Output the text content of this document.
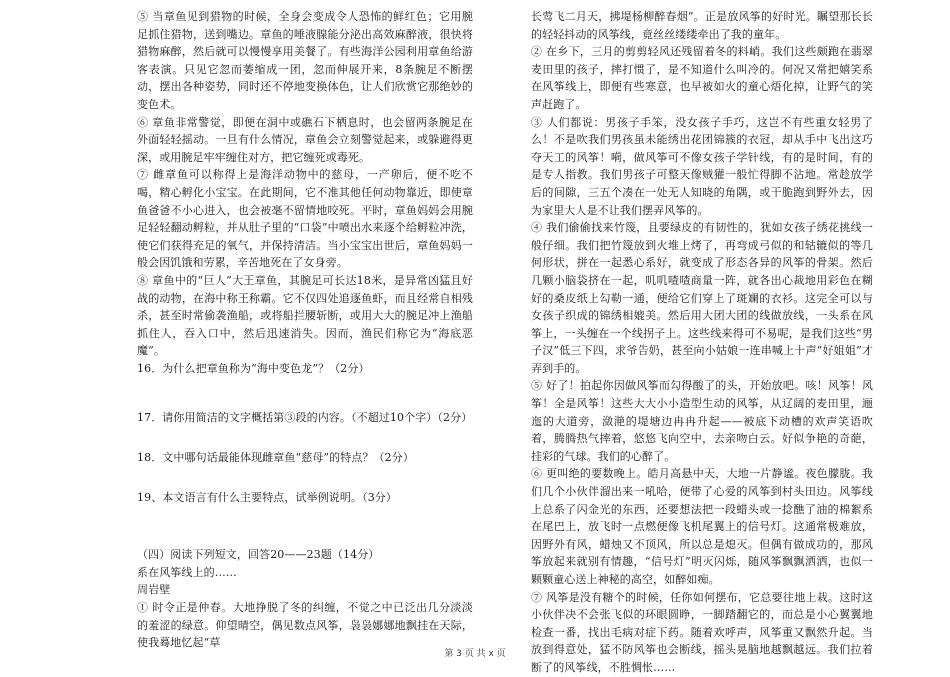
⑤ 当章鱼见到猎物的时候，全身会变成令人恐怖的鲜红色；它用腕足抓住猎物，送到嘴边。章鱼的唾液腺能分泌出高效麻醉液，很快将猎物麻醉，然后就可以慢慢享用美餐了。有些海洋公园利用章鱼给游客表演。只见它忽而萎缩成一团，忽而伸展开来，8条腕足不断摆动，摆出各种姿势，同时还不停地变换体色，让人们欣赏它那绝妙的变色术。

⑥ 章鱼非常警觉，即便在洞中或礁石下栖息时，也会留两条腕足在外面轻轻摇动。一旦有什么情况，章鱼会立刻警觉起来，或躲避得更深，或用腕足牢牢缠住对方，把它缠死或毒死。

⑦ 雌章鱼可以称得上是海洋动物中的慈母，一产卵后，便不吃不喝，精心孵化小宝宝。在此期间，它不准其他任何动物靠近，即使章鱼爸爸不小心进入，也会被毫不留情地咬死。平时，章鱼妈妈会用腕足轻轻翻动孵粒，并从肚子里的“口袋”中喷出水来逐个给孵粒冲洗，使它们获得充足的氧气，并保持清洁。当小宝宝出世后，章鱼妈妈一般会因饥饿和劳累，辛苦地死在了女身旁。

⑧ 章鱼中的“巨人”大王章鱼，其腕足可长达18米，是异常凶猛且好战的动物，在海中称王称霸。它不仅四处追逐鱼虾，而且经常自相残杀，甚至时常偷袭渔船，或将船拦腰斩断，或用大大的腕足冲上渔船抓住人，吞入口中，然后迅速消失。因而，渔民们称它为“海底恶魔”。

16．为什么把章鱼称为“海中变色龙”？（2分）

17．请你用简洁的文字概括第③段的内容。（不超过10个字）（2分）

18．文中哪句话最能体现雌章鱼“慈母”的特点？（2分）

19、本文语言有什么主要特点，试举例说明。（3分）

（四）阅读下列短文，回答20——23题（14分）

系在风筝线上的……

周岩壁

① 时令正是仲春。大地挣脱了冬的纠缠，不觉之中已泛出几分淡淡的羞涩的绿意。仰望晴空，偶见数点风筝，袅袅娜娜地飘挂在天际，使我蓦地忆起“草

长莺飞二月天，拂堤杨柳醉春烟”。正是放风筝的好时光。瞩望那长长的轻轻抖动的风筝线，竟丝丝缕缕牵出了我的童年。

② 在乡下，三月的剪剪轻风还残留着冬的料峭。我们这些颇跑在翡翠麦田里的孩子，摔打惯了，是不知道什么叫冷的。何况又常把嬉笑系在风筝线上，即便有些寒意，也早被如火的童心焐化掉，让野气的笑声赶跑了。

③ 人们都说：男孩子手笨，没女孩子手巧，这岂不有些重女轻男了么！不是吹我们男孩虽未能绣出花团锦簇的衣冠，却从手中飞出这巧夺天工的风筝！嗬，做风筝可不像女孩子学针线，有的是时间，有的是专人指教。我们男孩子可整天像贼獾一般忙得脚不沾地。常趁放学后的间隙，三五个凑在一处无人知晓的角隅，或干脆跑到野外去，因为家里大人是不让我们摆弄风筝的。

④ 我们偷偷找来竹篾，且要绿皮的有韧性的，犹如女孩子绣花挑线一般仔细。我们把竹篾放到火堆上烤了，再弯成弓似的和轱辘似的等几何形状，拼在一起悉心系好，就变成了形态各异的风筝的骨架。然后几颗小脑袋挤在一起，叽叽喳喳商量一阵，就各出心裁地用彩色在糊好的桑皮纸上勾勒一通，便给它们穿上了斑斓的衣衫。这完全可以与女孩子织成的锦绣相媲美。然后用大团大团的线做放线，一头系在风筝上，一头缠在一个线拐子上。这些线来得可不易呢，是我们这些“男子汉”低三下四，求爷告奶，甚至向小姑娘一连串喊上十声“好姐姐”才弄到手的。

⑤ 好了！拍起你因做风筝而勾得酸了的头，开始放吧。咳！风筝！风筝！全是风筝！这些大大小小造型生动的风筝，从辽阔的麦田里，逦迤的大道旁，潋滟的堤塘边冉冉升起——被底下动槽的欢声笑语吹着，腾腾热气摔着，悠悠飞向空中，去亲吻白云。好似争艳的奇葩，挂彩的气球。我们的心醉了。

⑥ 更叫绝的要数晚上。皓月高悬中天，大地一片静谧。夜色朦胧。我们几个小伙伴溜出来一吼哈，便带了心爱的风筝到村头田边。风筝线上总系了闪金光的东西，还要想法把一段蜡头或一捻醮了油的棉絮系在尾巴上，放飞时一点燃便像飞机尾翼上的信号灯。这通常极难放，因野外有风，蜡烛又不顶风，所以总是熄灭。但偶有做成功的，那风筝放起来就别有情趣，“信号灯”明灭闪烁，随风筝飘飘洒洒，也似一颗颗童心送上神秘的高空，如醉如痴。

⑦ 风筝是没有糖个的时候，任你如何摆布，它总要往地上栽。这时这小伙伴决不会张飞似的环眼圆睁，一脚踏翻它的，而总是小心翼翼地检查一番，找出毛病对症下药。随着欢呼声，风筝重又飘然升起。当放到得意处，猛不防风筝也会断线，摇头晃脑地越飘越远。我们拉着断了的风筝线，不胜惆怅……

第 3 页 共 x 页
